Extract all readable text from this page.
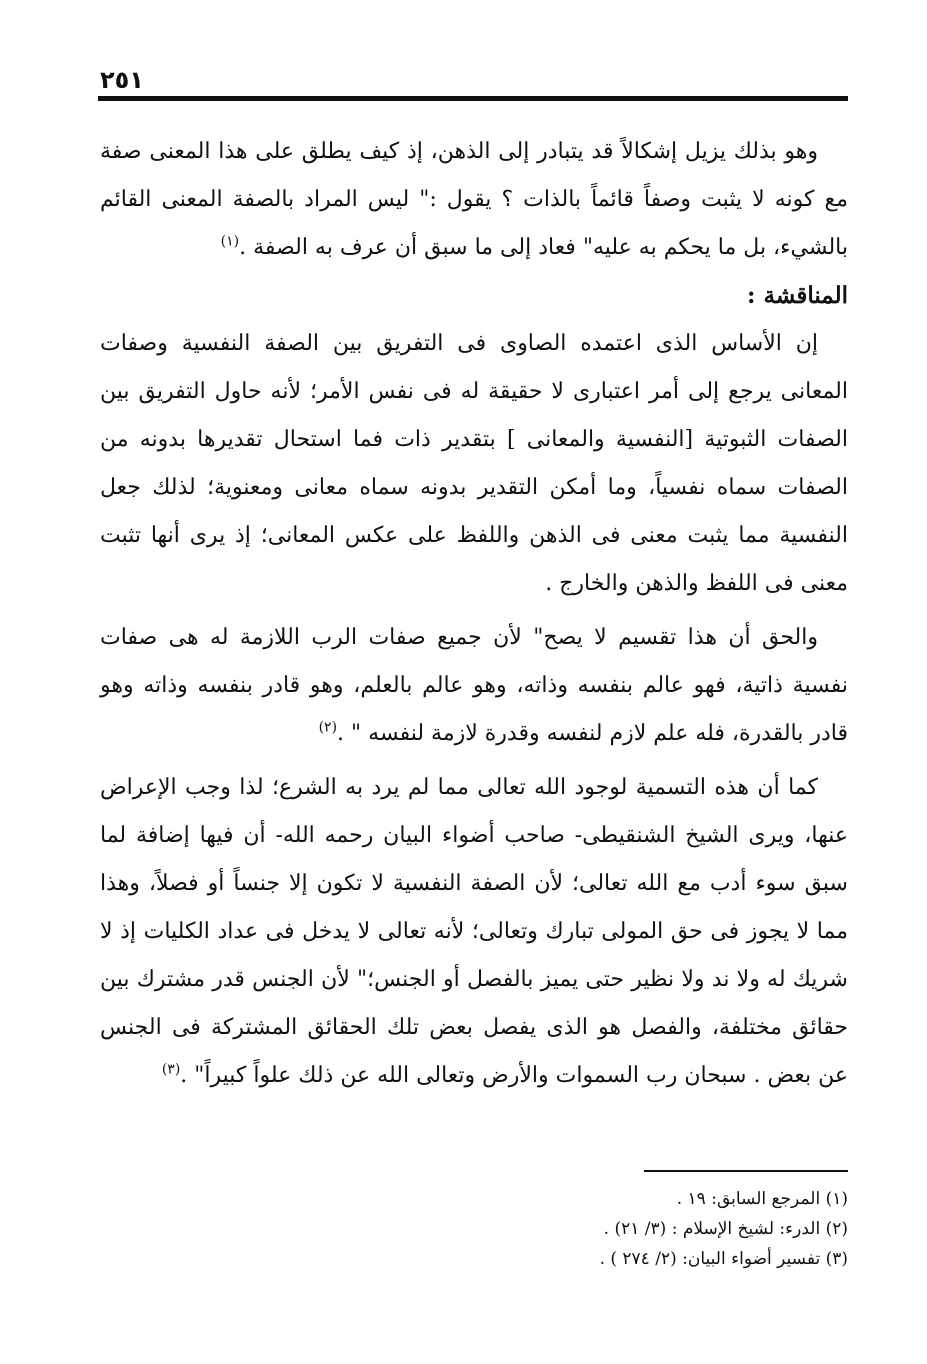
٢٥١

وهو بذلك يزيل إشكالاً قد يتبادر إلى الذهن، إذ كيف يطلق على هذا المعنى صفة مع كونه لا يثبت وصفاً قائماً بالذات ؟ يقول :" ليس المراد بالصفة المعنى القائم بالشيء، بل ما يحكم به عليه" فعاد إلى ما سبق أن عرف به الصفة .$^{(١)}$

المناقشة :

إن الأساس الذى اعتمده الصاوى فى التفريق بين الصفة النفسية وصفات المعانى يرجع إلى أمر اعتبارى لا حقيقة له فى نفس الأمر؛ لأنه حاول التفريق بين الصفات الثبوتية [النفسية والمعانى ] بتقدير ذات فما استحال تقديرها بدونه من الصفات سماه نفسياً، وما أمكن التقدير بدونه سماه معانى ومعنوية؛ لذلك جعل النفسية مما يثبت معنى فى الذهن واللفظ على عكس المعانى؛ إذ يرى أنها تثبت معنى فى اللفظ والذهن والخارج .

والحق أن هذا تقسيم لا يصح" لأن جميع صفات الرب اللازمة له هى صفات نفسية ذاتية، فهو عالم بنفسه وذاته، وهو عالم بالعلم، وهو قادر بنفسه وذاته وهو قادر بالقدرة، فله علم لازم لنفسه وقدرة لازمة لنفسه " .$^{(٢)}$

كما أن هذه التسمية لوجود الله تعالى مما لم يرد به الشرع؛ لذا وجب الإعراض عنها، ويرى الشيخ الشنقيطى- صاحب أضواء البيان رحمه الله- أن فيها إضافة لما سبق سوء أدب مع الله تعالى؛ لأن الصفة النفسية لا تكون إلا جنساً أو فصلاً، وهذا مما لا يجوز فى حق المولى تبارك وتعالى؛ لأنه تعالى لا يدخل فى عداد الكليات إذ لا شريك له ولا ند ولا نظير حتى يميز بالفصل أو الجنس؛" لأن الجنس قدر مشترك بين حقائق مختلفة، والفصل هو الذى يفصل بعض تلك الحقائق المشتركة فى الجنس عن بعض . سبحان رب السموات والأرض وتعالى الله عن ذلك علواً كبيراً" .$^{(٣)}$

(١) المرجع السابق: ١٩ .
(٢) الدرء: لشيخ الإسلام : (٣/ ٢١) .
(٣) تفسير أضواء البيان: (٢/ ٢٧٤ ) .
